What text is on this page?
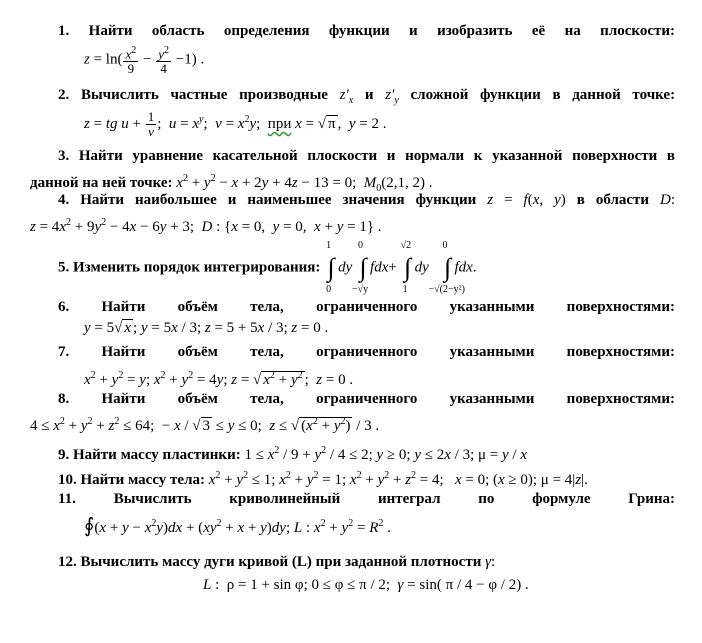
1. Найти область определения функции и изобразить её на плоскости:
$z = \ln( \frac{x^2}{9} - \frac{y^2}{4} -1)$ .
2. Вычислить частные производные $z'_x$ и $z'_y$ сложной функции в данной точке:
z = tg $u + \frac{1}{v}$ ;  $u = x^y$;  $v = x^2y$;  при x = √ π ,  y = 2 .
3. Найти уравнение касательной плоскости и нормали к указанной поверхности в
данной на ней точке: $x^2 + y^2 - x + 2y + 4z - 13 = 0$;  $M_0(2,1$, 2) .
4. Найти наибольшее и наименьшее значения функции z = f(x, y) в области D:
$z = 4x^2 + 9y^2 - 4x - 6y + 3$;  D : {x = 0,  y = 0,  x + y = 1} .
5. Изменить порядок интегрирования: ∫
1
0
dy ∫
0
−√y
fdx+ ∫
√2
1
dy ∫
0
−√(2−y²)
fdx.
6. Найти объём тела, ограниченного указанными поверхностями:
y = 5√ x ; y = 5x / 3; z = 5 + 5x / 3; z = 0 .
7. Найти объём тела, ограниченного указанными поверхностями:
$x^2 + y^2 = y$; $x^2 + y^2 = 4y$; z = √ $x^2 + y^2$ ;  z = 0 .
8. Найти объём тела, ограниченного указанными поверхностями:
$4 \le x^2 + y^2 + z^2 \le 64$;  − x / √ 3 ≤ y ≤ 0;  z ≤ √ $(x^2 + y^2) / 3$ .
9. Найти массу пластинки: $1 \le x^2 / 9 + y^2 / 4 \le 2$; y ≥ 0; y ≤ 2x / 3; μ = y / x
10. Найти массу тела: $x^2 + y^2 \le 1$; $x^2 + y^2 = 1$; $x^2 + y^2 + z^2 = 4$;   x = 0; (x ≥ 0); μ = 4|z|.
11.	Вычислить криволинейный интеграл по формуле Грина:
∮(x + $y - x^2y)dx + (xy^2 + x + y)dy$; L : $x^2 + y^2 = R^2$ .
12. Вычислить массу дуги кривой (L) при заданной плотности γ:
L :  ρ = 1 + sin φ; 0 ≤ φ ≤ π / 2;  γ = sin( π / 4 − φ / 2) .
